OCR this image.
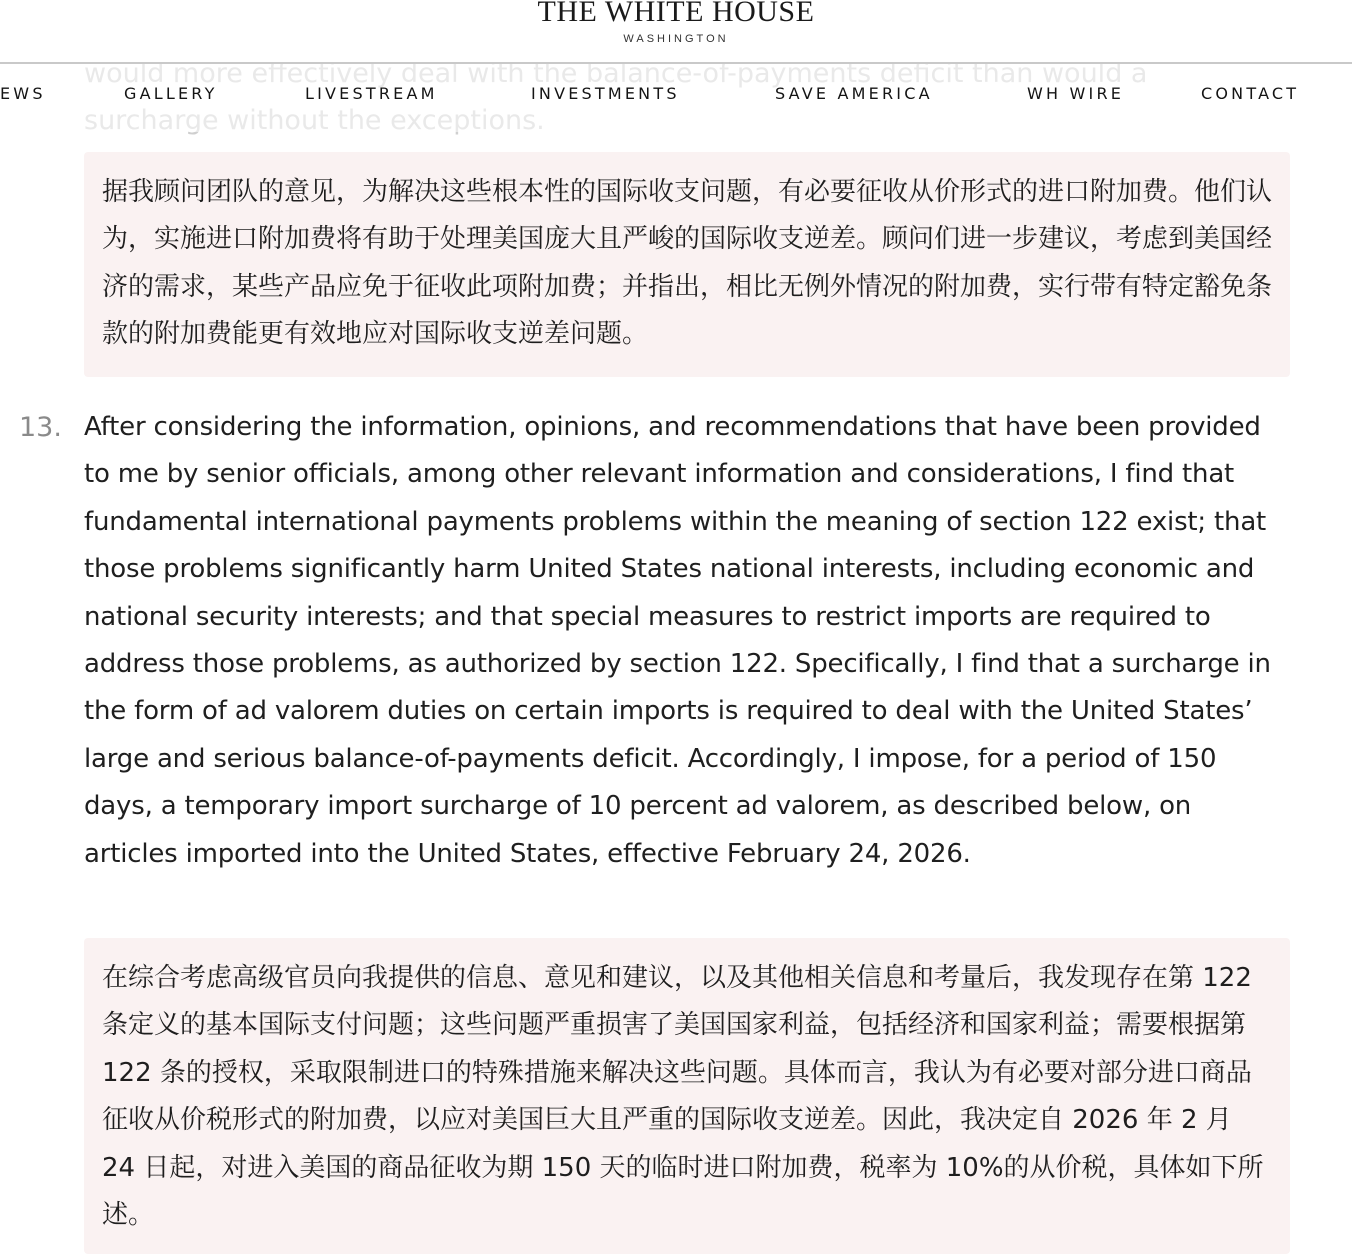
THE WHITE HOUSE
WASHINGTON
EWS	GALLERY	LIVESTREAM	INVESTMENTS	SAVE AMERICA	WH WIRE	CONTACT
据我顾问团队的意见，为解决这些根本性的国际收支问题，有必要征收从价形式的进口附加费。他们认为，实施进口附加费将有助于处理美国庞大且严峻的国际收支逆差。顾问们进一步建议，考虑到美国经济的需求，某些产品应免于征收此项附加费；并指出，相比无例外情况的附加费，实行带有特定豁免条款的附加费能更有效地应对国际收支逆差问题。
13. After considering the information, opinions, and recommendations that have been provided to me by senior officials, among other relevant information and considerations, I find that fundamental international payments problems within the meaning of section 122 exist; that those problems significantly harm United States national interests, including economic and national security interests; and that special measures to restrict imports are required to address those problems, as authorized by section 122. Specifically, I find that a surcharge in the form of ad valorem duties on certain imports is required to deal with the United States’ large and serious balance-of-payments deficit. Accordingly, I impose, for a period of 150 days, a temporary import surcharge of 10 percent ad valorem, as described below, on articles imported into the United States, effective February 24, 2026.
在综合考虑高级官员向我提供的信息、意见和建议，以及其他相关信息和考量后，我发现存在第 122 条定义的基本国际支付问题；这些问题严重损害了美国国家利益，包括经济和国家利益；需要根据第 122 条的授权，采取限制进口的特殊措施来解决这些问题。具体而言，我认为有必要对部分进口商品征收从价税形式的附加费，以应对美国巨大且严重的国际收支逆差。因此，我决定自 2026 年 2 月 24 日起，对进入美国的商品征收为期 150 天的临时进口附加费，税率为 10%的从价税，具体如下所述。
